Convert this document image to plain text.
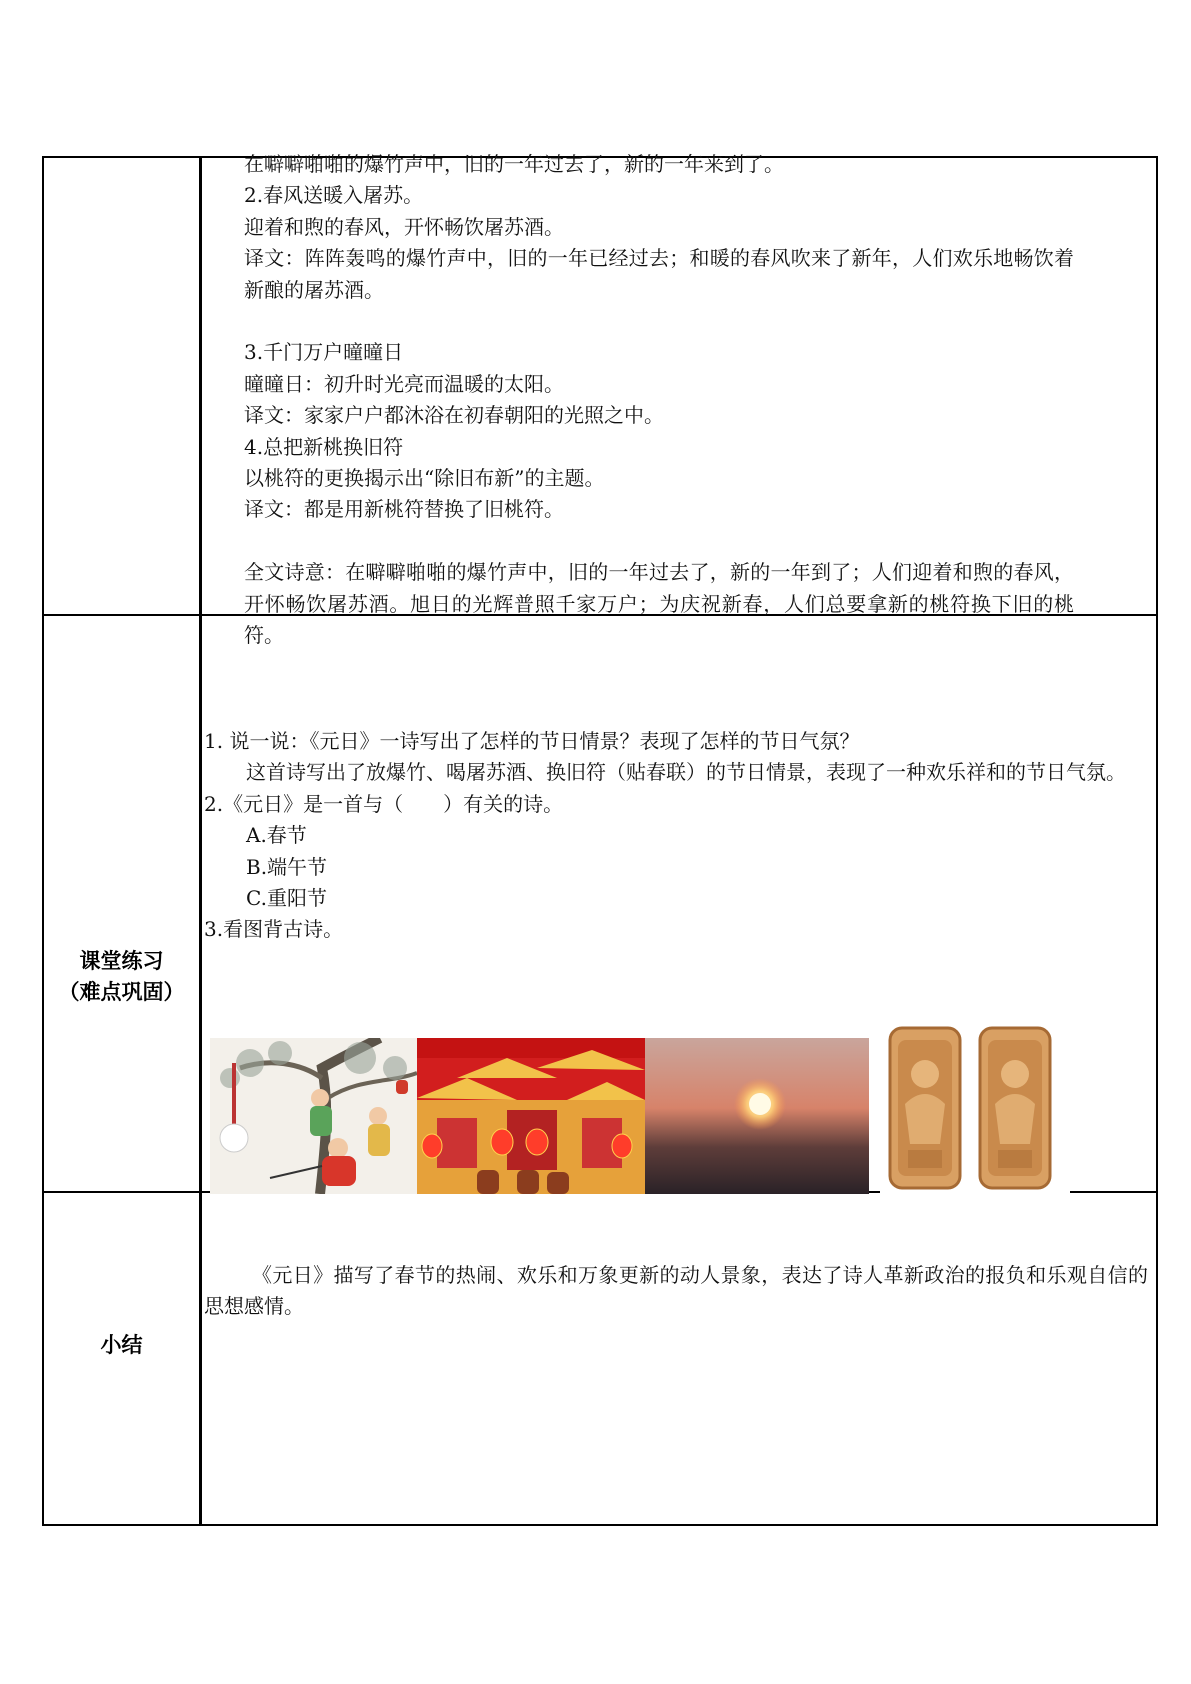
在噼噼啪啪的爆竹声中，旧的一年过去了，新的一年来到了。

2.春风送暖入屠苏。

迎着和煦的春风，开怀畅饮屠苏酒。

译文：阵阵轰鸣的爆竹声中，旧的一年已经过去；和暖的春风吹来了新年，人们欢乐地畅饮着新酿的屠苏酒。

3.千门万户曈曈日

曈曈日：初升时光亮而温暖的太阳。

译文：家家户户都沐浴在初春朝阳的光照之中。

4.总把新桃换旧符

以桃符的更换揭示出“除旧布新”的主题。

译文：都是用新桃符替换了旧桃符。

全文诗意：在噼噼啪啪的爆竹声中，旧的一年过去了，新的一年到了；人们迎着和煦的春风，开怀畅饮屠苏酒。旭日的光辉普照千家万户；为庆祝新春，人们总要拿新的桃符换下旧的桃符。

课堂练习
（难点巩固）

1. 说一说：《元日》一诗写出了怎样的节日情景？表现了怎样的节日气氛？

这首诗写出了放爆竹、喝屠苏酒、换旧符（贴春联）的节日情景，表现了一种欢乐祥和的节日气氛。

2.《元日》是一首与（　　）有关的诗。

A.春节

B.端午节

C.重阳节

3.看图背古诗。

小结

《元日》描写了春节的热闹、欢乐和万象更新的动人景象，表达了诗人革新政治的报负和乐观自信的思想感情。
